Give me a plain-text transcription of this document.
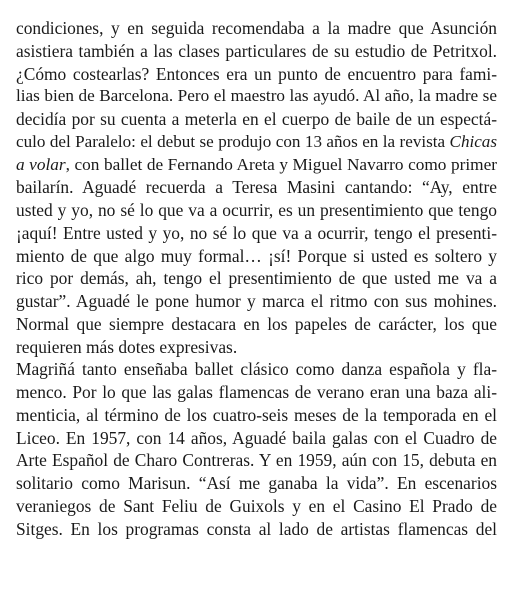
condiciones, y en seguida recomendaba a la madre que Asunción
asistiera también a las clases particulares de su estudio de Petritxol.
¿Cómo costearlas? Entonces era un punto de encuentro para fami-
lias bien de Barcelona. Pero el maestro las ayudó. Al año, la madre se
decidía por su cuenta a meterla en el cuerpo de baile de un espectá-
culo del Paralelo: el debut se produjo con 13 años en la revista Chicas
a volar, con ballet de Fernando Areta y Miguel Navarro como primer
bailarín. Aguadé recuerda a Teresa Masini cantando: “Ay, entre
usted y yo, no sé lo que va a ocurrir, es un presentimiento que tengo
¡aquí! Entre usted y yo, no sé lo que va a ocurrir, tengo el presenti-
miento de que algo muy formal… ¡sí! Porque si usted es soltero y
rico por demás, ah, tengo el presentimiento de que usted me va a
gustar”. Aguadé le pone humor y marca el ritmo con sus mohines.
Normal que siempre destacara en los papeles de carácter, los que
requieren más dotes expresivas.
Magriñá tanto enseñaba ballet clásico como danza española y fla-
menco. Por lo que las galas flamencas de verano eran una baza ali-
menticia, al término de los cuatro-seis meses de la temporada en el
Liceo. En 1957, con 14 años, Aguadé baila galas con el Cuadro de
Arte Español de Charo Contreras. Y en 1959, aún con 15, debuta en
solitario como Marisun. “Así me ganaba la vida”. En escenarios
veraniegos de Sant Feliu de Guixols y en el Casino El Prado de
Sitges. En los programas consta al lado de artistas flamencas del
